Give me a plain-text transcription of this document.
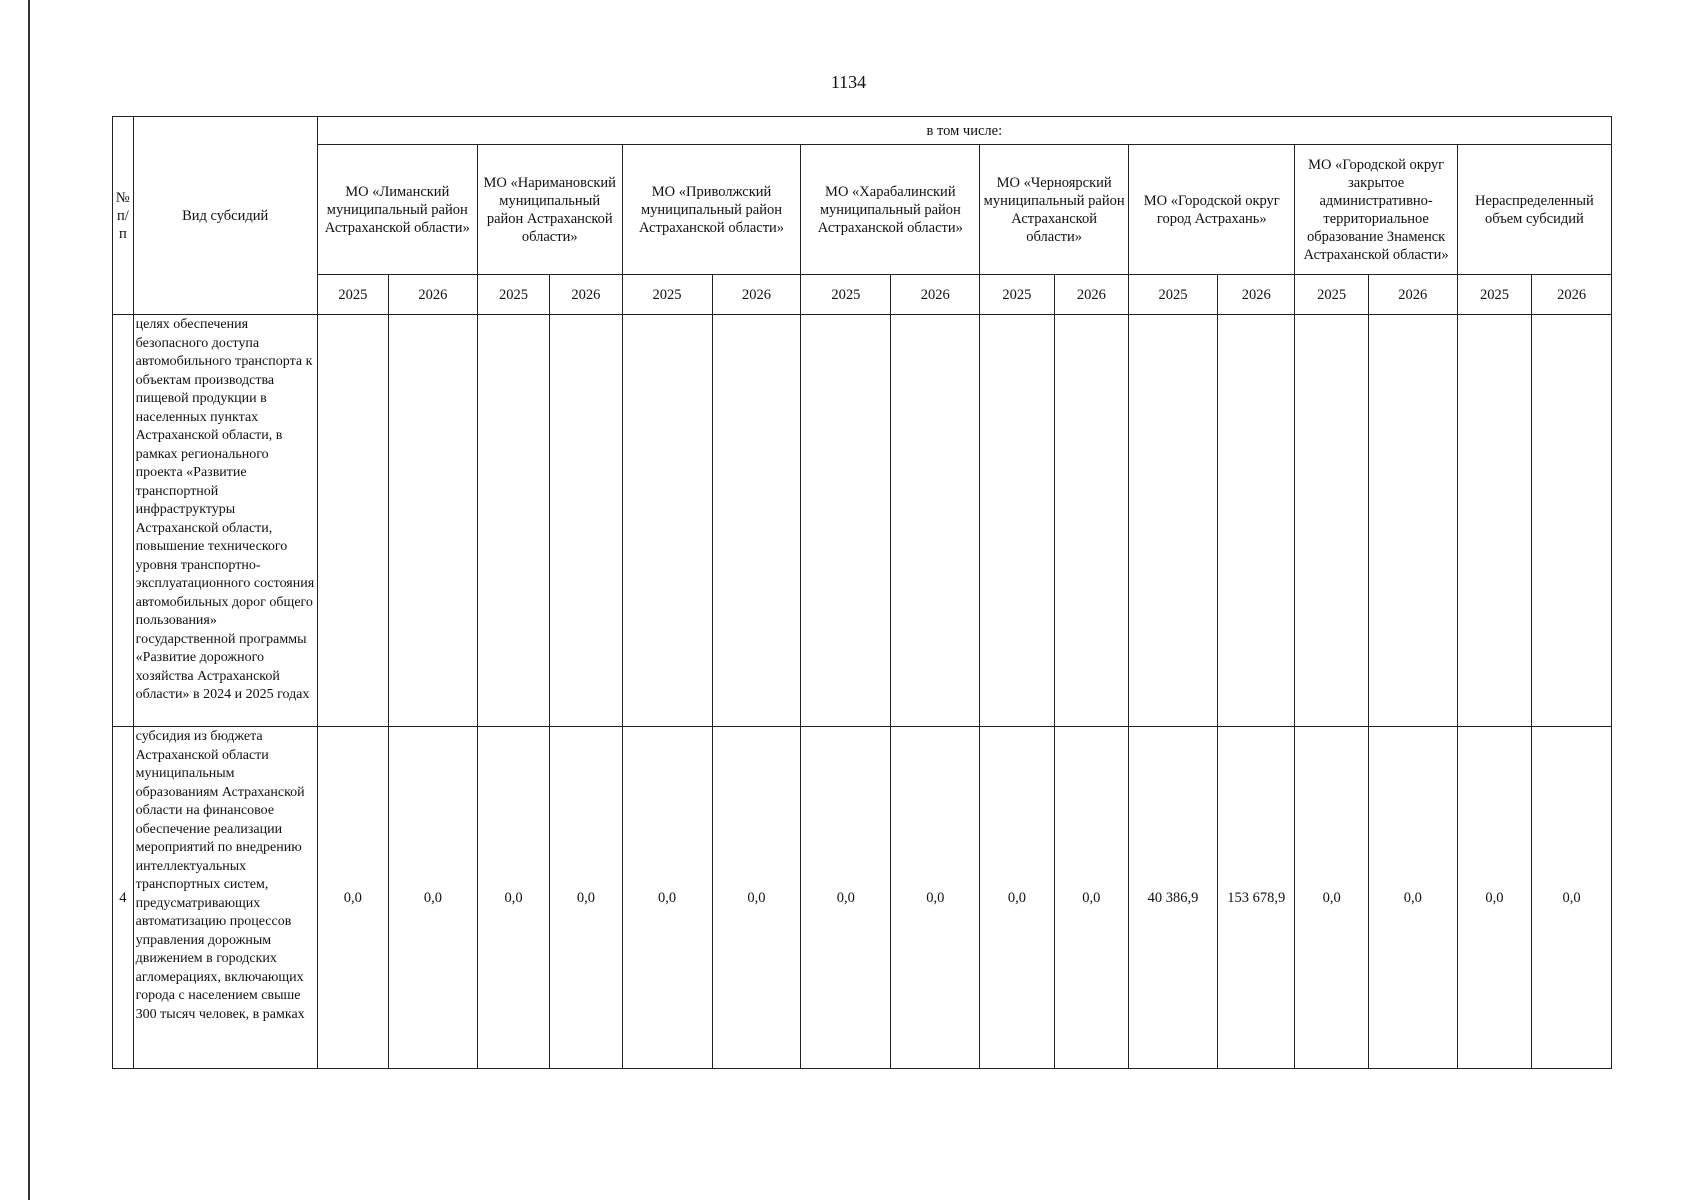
1134
№ п/п	Вид субсидий	в том числе:															
		МО «Лиманский муниципальный район Астраханской области»		МО «Наримановский муниципальный район Астраханской области»		МО «Приволжский муниципальный район Астраханской области»		МО «Харабалинский муниципальный район Астраханской области»		МО «Черноярский муниципальный район Астраханской области»		МО «Городской округ город Астрахань»		МО «Городской округ закрытое административно-территориальное образование Знаменск Астраханской области»		Нераспределенный объем субсидий	
		2025	2026	2025	2026	2025	2026	2025	2026	2025	2026	2025	2026	2025	2026	2025	2026
	целях обеспечения безопасного доступа автомобильного транспорта к объектам производства пищевой продукции в населенных пунктах Астраханской области, в рамках регионального проекта «Развитие транспортной инфраструктуры Астраханской области, повышение технического уровня транспортно-эксплуатационного состояния автомобильных дорог общего пользования» государственной программы «Развитие дорожного хозяйства Астраханской области» в 2024 и 2025 годах																
4	субсидия из бюджета Астраханской области муниципальным образованиям Астраханской области на финансовое обеспечение реализации мероприятий по внедрению интеллектуальных транспортных систем, предусматривающих автоматизацию процессов управления дорожным движением в городских агломерациях, включающих города с населением свыше 300 тысяч человек, в рамках	0,0	0,0	0,0	0,0	0,0	0,0	0,0	0,0	0,0	0,0	40 386,9	153 678,9	0,0	0,0	0,0	0,0
